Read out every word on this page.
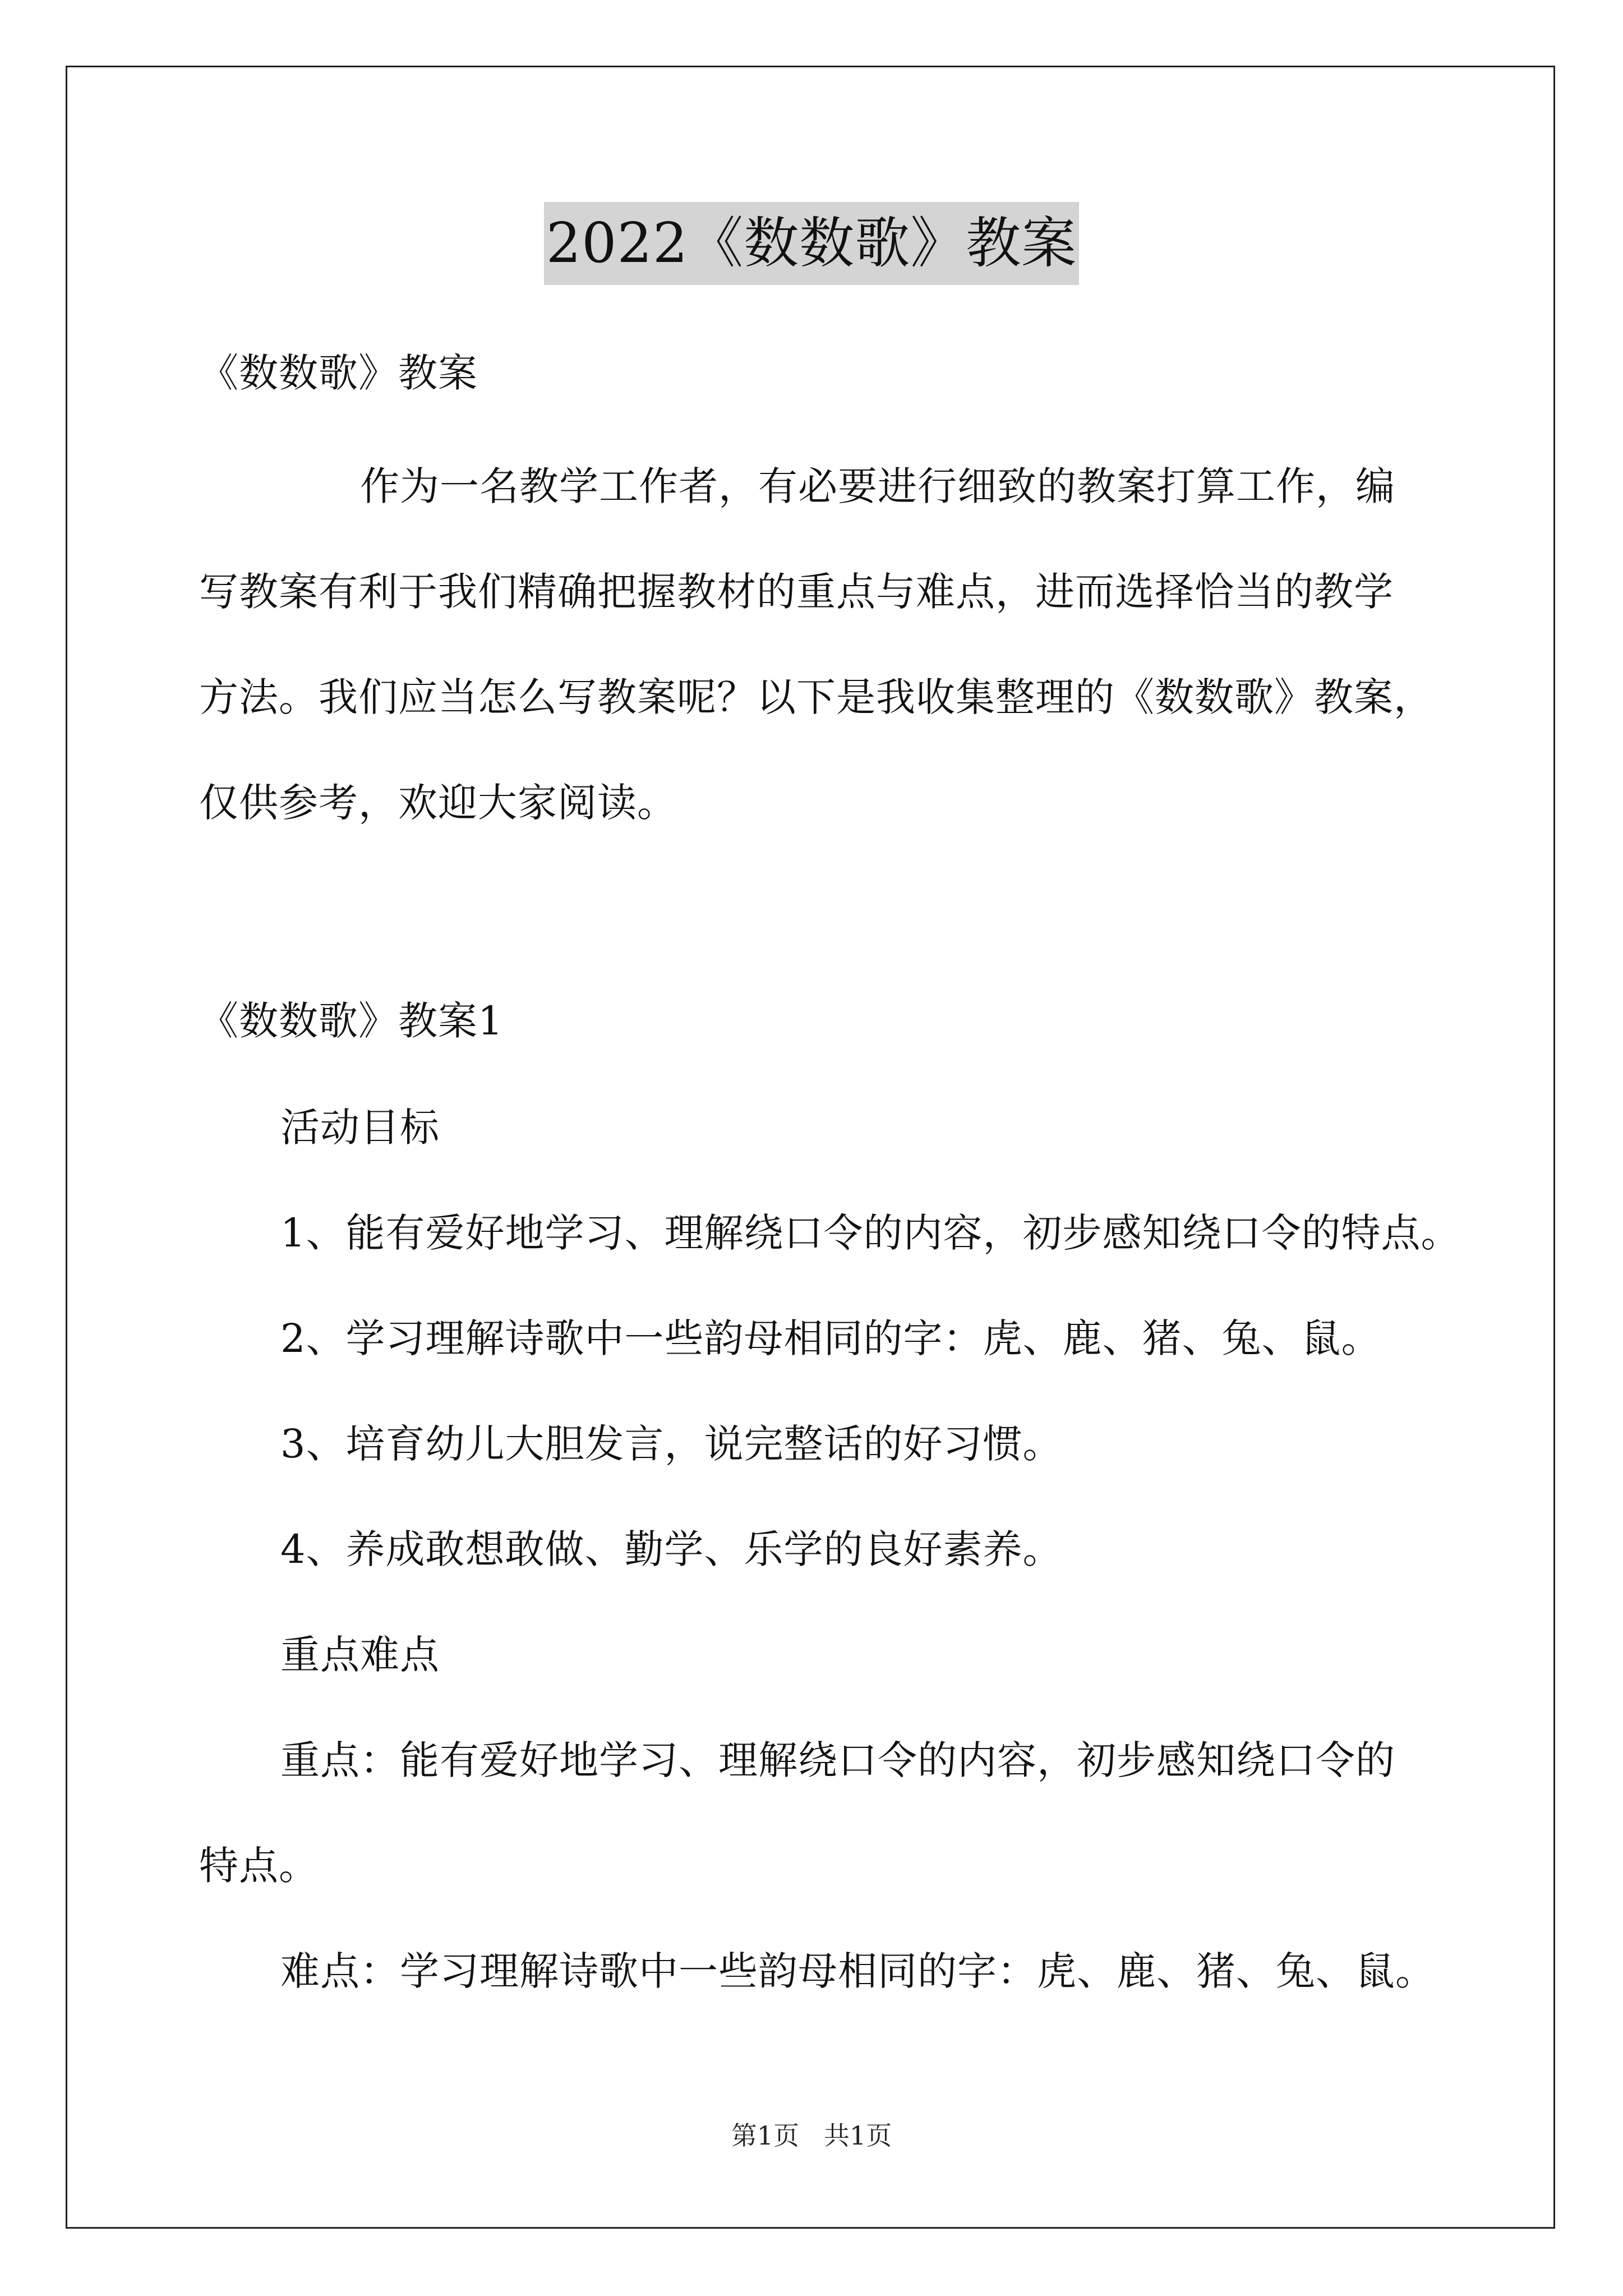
2022《数数歌》教案
《数数歌》教案
作为一名教学工作者，有必要进行细致的教案打算工作，编
写教案有利于我们精确把握教材的重点与难点，进而选择恰当的教学
方法。我们应当怎么写教案呢？以下是我收集整理的《数数歌》教案，
仅供参考，欢迎大家阅读。
《数数歌》教案1
活动目标
1、能有爱好地学习、理解绕口令的内容，初步感知绕口令的特点。
2、学习理解诗歌中一些韵母相同的字：虎、鹿、猪、兔、鼠。
3、培育幼儿大胆发言，说完整话的好习惯。
4、养成敢想敢做、勤学、乐学的良好素养。
重点难点
重点：能有爱好地学习、理解绕口令的内容，初步感知绕口令的
特点。
难点：学习理解诗歌中一些韵母相同的字：虎、鹿、猪、兔、鼠。
第1页 共1页
